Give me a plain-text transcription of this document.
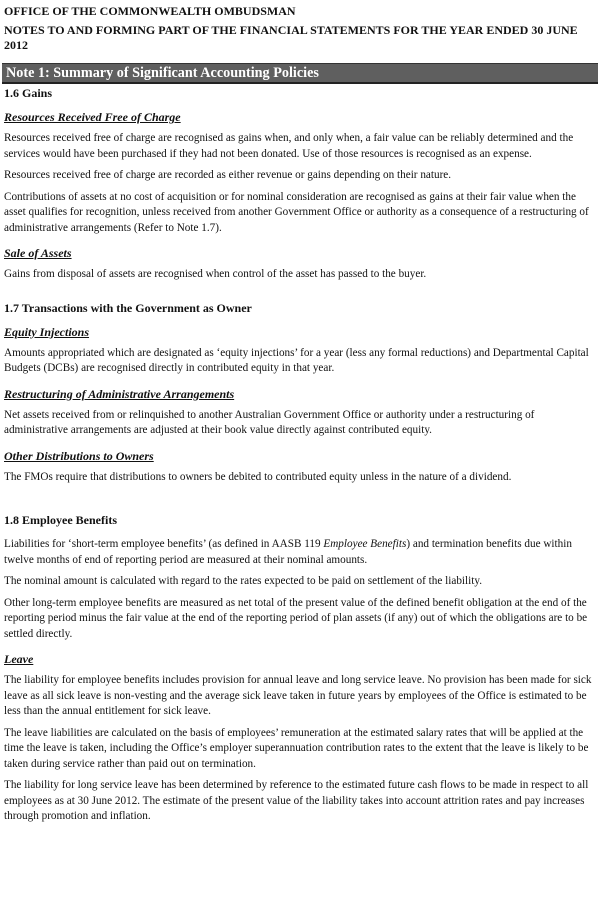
OFFICE OF THE COMMONWEALTH OMBUDSMAN
NOTES TO AND FORMING PART OF THE FINANCIAL STATEMENTS FOR THE YEAR ENDED 30 JUNE 2012
Note 1: Summary of Significant Accounting Policies
1.6 Gains
Resources Received Free of Charge

Resources received free of charge are recognised as gains when, and only when, a fair value can be reliably determined and the services would have been purchased if they had not been donated. Use of those resources is recognised as an expense.

Resources received free of charge are recorded as either revenue or gains depending on their nature.

Contributions of assets at no cost of acquisition or for nominal consideration are recognised as gains at their fair value when the asset qualifies for recognition, unless received from another Government Office or authority as a consequence of a restructuring of administrative arrangements (Refer to Note 1.7).

Sale of Assets

Gains from disposal of assets are recognised when control of the asset has passed to the buyer.

1.7 Transactions with the Government as Owner
Equity Injections

Amounts appropriated which are designated as ‘equity injections’ for a year (less any formal reductions) and Departmental Capital Budgets (DCBs) are recognised directly in contributed equity in that year.

Restructuring of Administrative Arrangements

Net assets received from or relinquished to another Australian Government Office or authority under a restructuring of administrative arrangements are adjusted at their book value directly against contributed equity.

Other Distributions to Owners

The FMOs require that distributions to owners be debited to contributed equity unless in the nature of a dividend.

1.8 Employee Benefits

Liabilities for ‘short-term employee benefits’ (as defined in AASB 119 Employee Benefits) and termination benefits due within twelve months of end of reporting period are measured at their nominal amounts.

The nominal amount is calculated with regard to the rates expected to be paid on settlement of the liability.

Other long-term employee benefits are measured as net total of the present value of the defined benefit obligation at the end of the reporting period minus the fair value at the end of the reporting period of plan assets (if any) out of which the obligations are to be settled directly.

Leave

The liability for employee benefits includes provision for annual leave and long service leave. No provision has been made for sick leave as all sick leave is non-vesting and the average sick leave taken in future years by employees of the Office is estimated to be less than the annual entitlement for sick leave.

The leave liabilities are calculated on the basis of employees’ remuneration at the estimated salary rates that will be applied at the time the leave is taken, including the Office’s employer superannuation contribution rates to the extent that the leave is likely to be taken during service rather than paid out on termination.

The liability for long service leave has been determined by reference to the estimated future cash flows to be made in respect to all employees as at 30 June 2012. The estimate of the present value of the liability takes into account attrition rates and pay increases through promotion and inflation.
